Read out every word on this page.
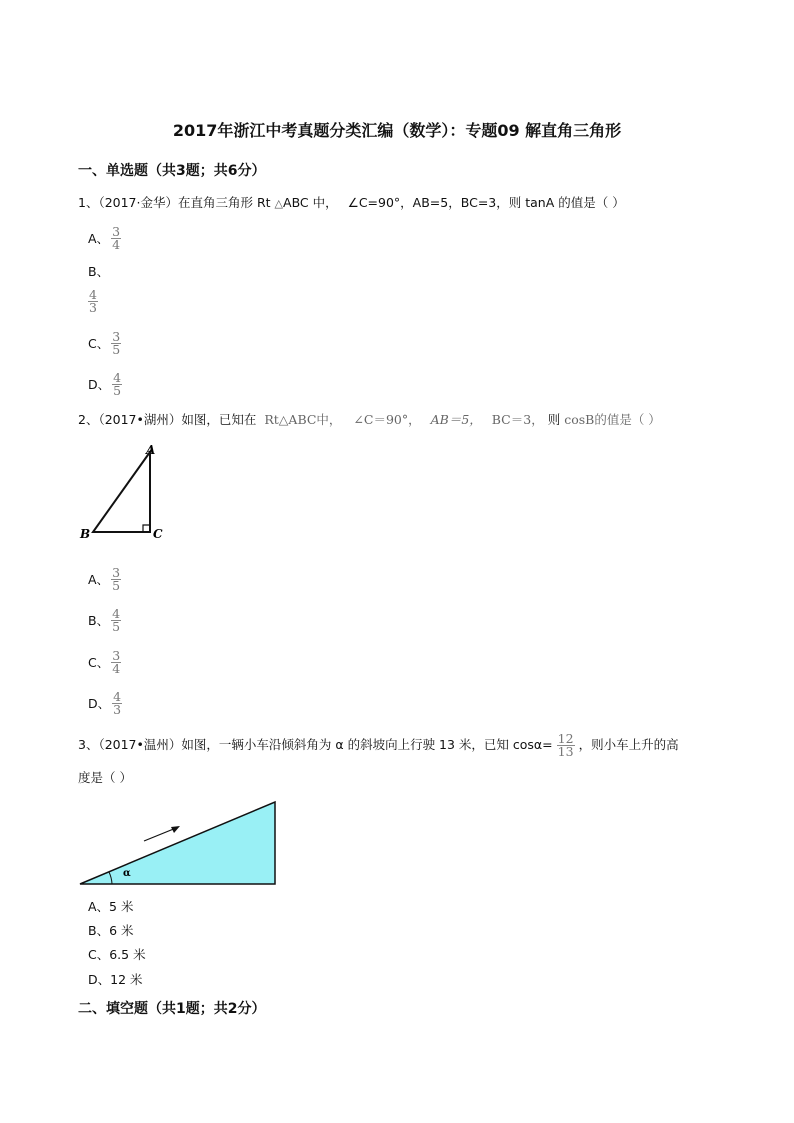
2017年浙江中考真题分类汇编（数学）：专题09 解直角三角形
一、单选题（共3题；共6分）
1、（2017·金华）在直角三角形 Rt △ABC 中， ∠C=90°，AB=5，BC=3，则 tanA 的值是（ ）
A、 $\frac{3}{4}$
B、
$\frac{4}{3}$
C、 $\frac{3}{5}$
D、 $\frac{4}{5}$
2、（2017•湖州）如图，已知在 Rt△ABC中， ∠C＝90°， AB＝5， BC＝3， 则 cosB的值是（ ）
A
B	C
A、 $\frac{3}{5}$
B、 $\frac{4}{5}$
C、 $\frac{3}{4}$
D、 $\frac{4}{3}$
3、（2017•温州）如图，一辆小车沿倾斜角为 α 的斜坡向上行驶 13 米，已知 $\cos\alpha= \frac{12}{13}$ ，则小车上升的高
度是（ ）
α
A、5 米
B、6 米
C、6.5 米
D、12 米
二、填空题（共1题；共2分）
